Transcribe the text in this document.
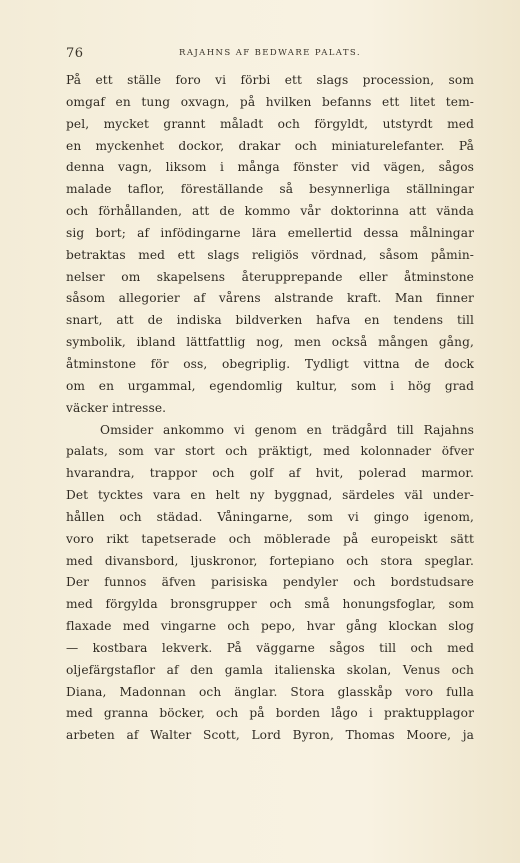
76	RAJAHNS AF BEDWARE PALATS.
På ett ställe foro vi förbi ett slags procession, som
omgaf en tung oxvagn, på hvilken befanns ett litet tem-
pel, mycket grannt måladt och förgyldt, utstyrdt med
en myckenhet dockor, drakar och miniaturelefanter. På
denna vagn, liksom i många fönster vid vägen, sågos
malade taflor, föreställande så besynnerliga ställningar
och förhållanden, att de kommo vår doktorinna att vända
sig bort; af infödingarne lära emellertid dessa målningar
betraktas med ett slags religiös vördnad, såsom påmin-
nelser om skapelsens återupprepande eller åtminstone
såsom allegorier af vårens alstrande kraft. Man finner
snart, att de indiska bildverken hafva en tendens till
symbolik, ibland lättfattlig nog, men också mången gång,
åtminstone för oss, obegriplig. Tydligt vittna de dock
om en urgammal, egendomlig kultur, som i hög grad
väcker intresse.
Omsider ankommo vi genom en trädgård till Rajahns
palats, som var stort och präktigt, med kolonnader öfver
hvarandra, trappor och golf af hvit, polerad marmor.
Det tycktes vara en helt ny byggnad, särdeles väl under-
hållen och städad. Våningarne, som vi gingo igenom,
voro rikt tapetserade och möblerade på europeiskt sätt
med divansbord, ljuskronor, fortepiano och stora speglar.
Der funnos äfven parisiska pendyler och bordstudsare
med förgylda bronsgrupper och små honungsfoglar, som
flaxade med vingarne och pepo, hvar gång klockan slog
— kostbara lekverk. På väggarne sågos till och med
oljefärgstaflor af den gamla italienska skolan, Venus och
Diana, Madonnan och änglar. Stora glasskåp voro fulla
med granna böcker, och på borden lågo i praktupplagor
arbeten af Walter Scott, Lord Byron, Thomas Moore, ja
